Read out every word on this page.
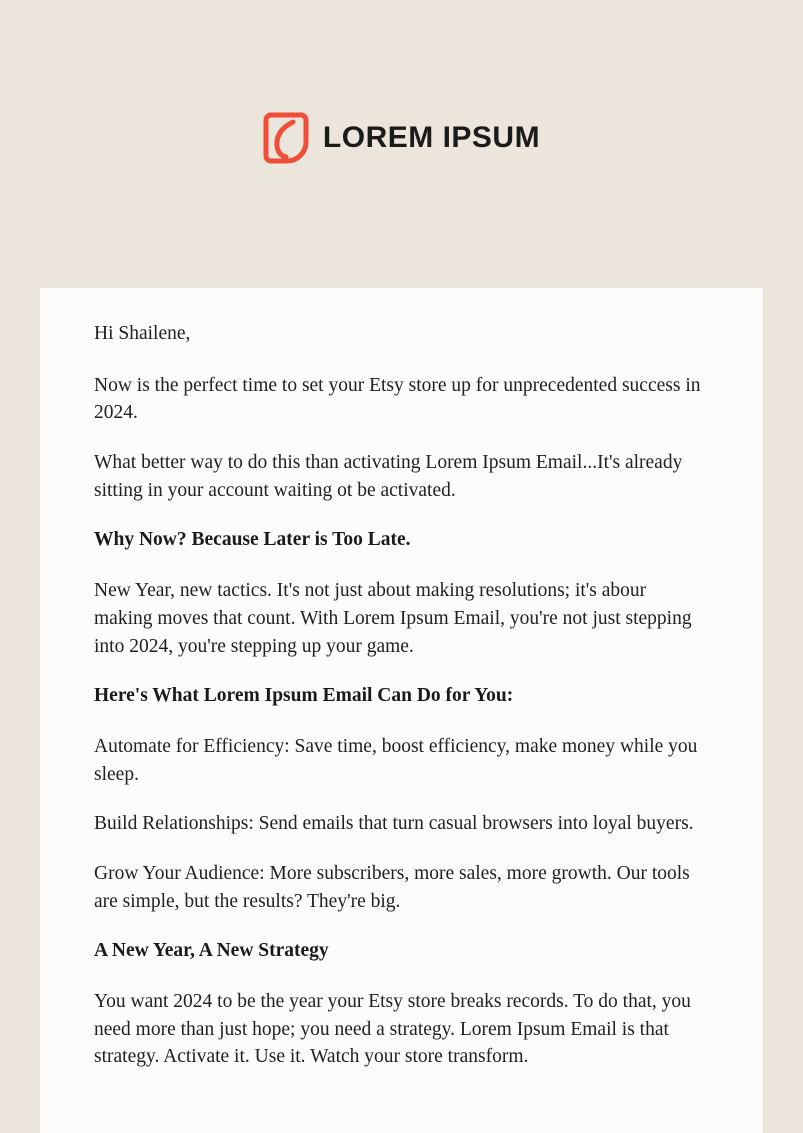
LOREM IPSUM

Hi Shailene,

Now is the perfect time to set your Etsy store up for unprecedented success in 2024.

What better way to do this than activating Lorem Ipsum Email...It's already sitting in your account waiting ot be activated.

Why Now? Because Later is Too Late.

New Year, new tactics. It's not just about making resolutions; it's abour making moves that count. With Lorem Ipsum Email, you're not just stepping into 2024, you're stepping up your game.

Here's What Lorem Ipsum Email Can Do for You:

Automate for Efficiency: Save time, boost efficiency, make money while you sleep.

Build Relationships: Send emails that turn casual browsers into loyal buyers.

Grow Your Audience: More subscribers, more sales, more growth. Our tools are simple, but the results? They're big.

A New Year, A New Strategy

You want 2024 to be the year your Etsy store breaks records. To do that, you need more than just hope; you need a strategy. Lorem Ipsum Email is that strategy. Activate it. Use it. Watch your store transform.
